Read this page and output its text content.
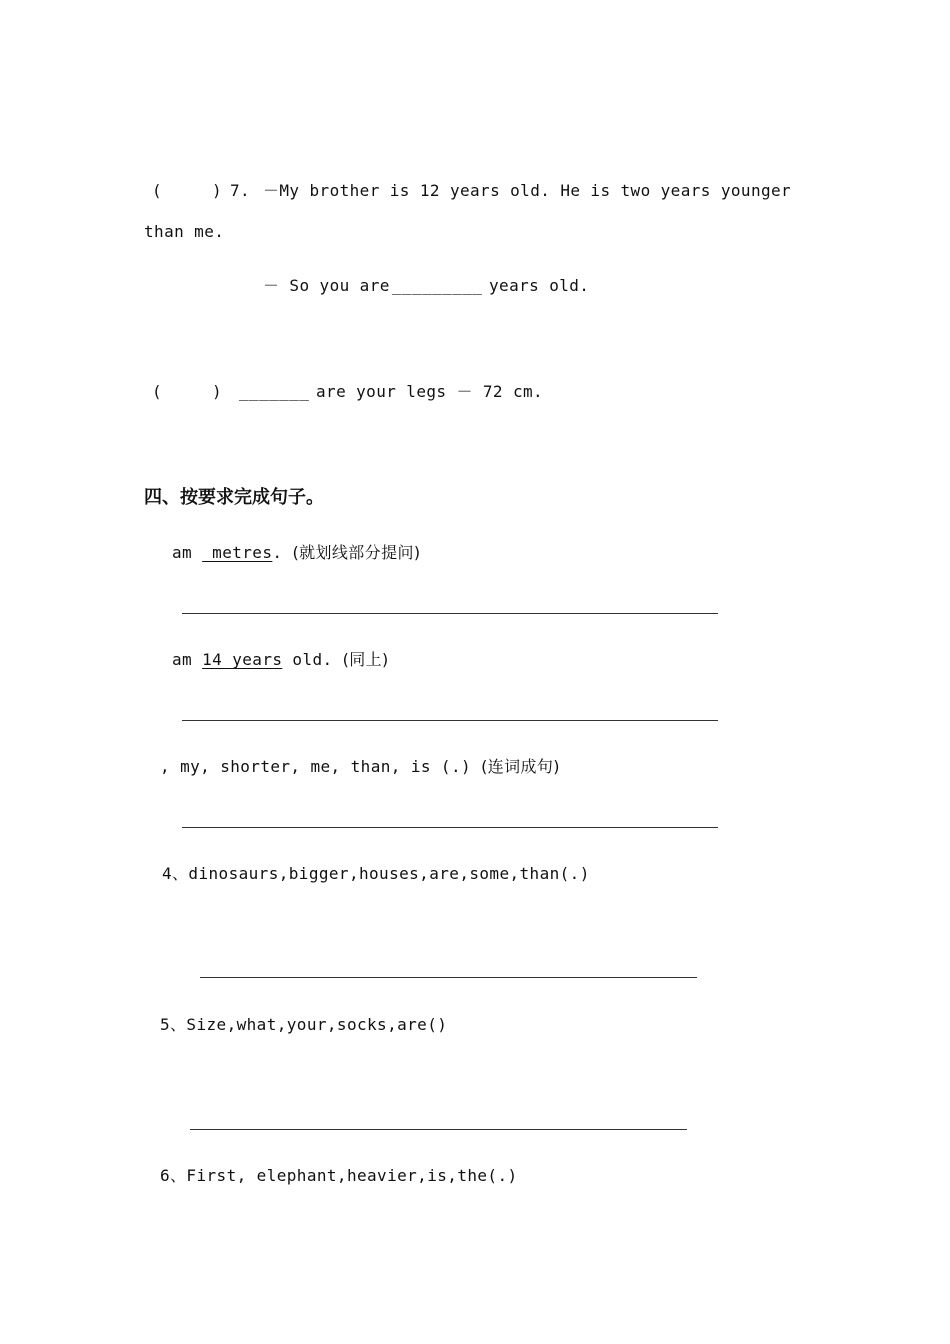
(	) 7. －My brother is 12 years old. He is two years younger
than me.
－ So you are _________ years old.
(	) _______ are your legs － 72 cm.
四、按要求完成句子。
am  metres. (就划线部分提问)
am 14 years old. (同上)
, my, shorter, me, than, is (.) (连词成句)
4、dinosaurs,bigger,houses,are,some,than(.)
5、Size,what,your,socks,are()
6、First, elephant,heavier,is,the(.)
